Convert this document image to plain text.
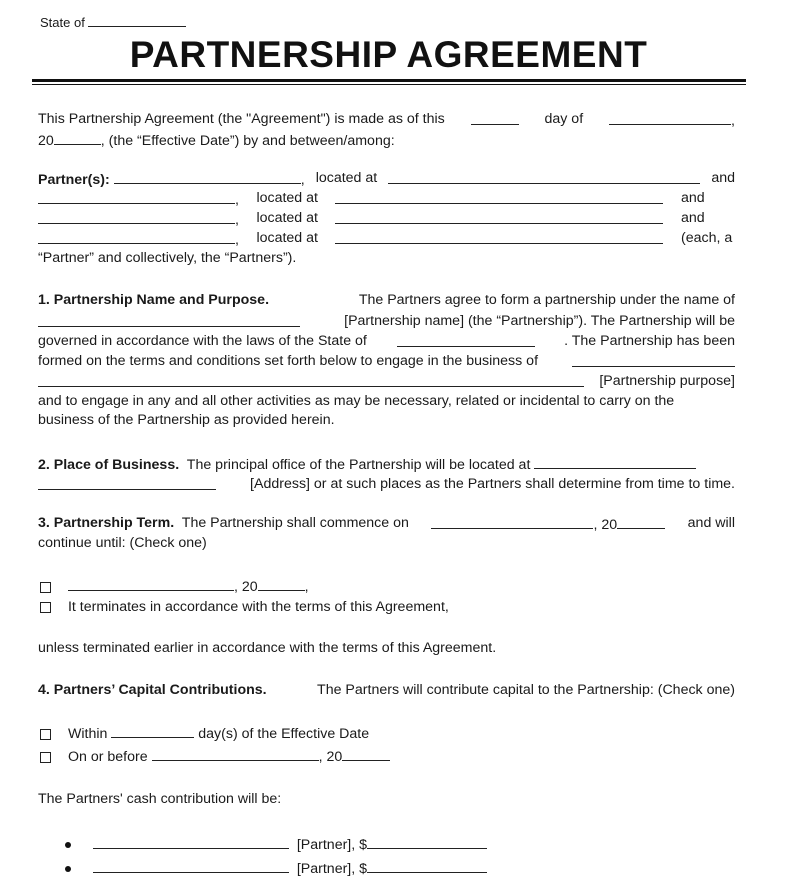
State of
PARTNERSHIP AGREEMENT
This Partnership Agreement (the "Agreement") is made as of this	day of	,
20	, (the “Effective Date”) by and between/among:
Partner(s):	, located at	and
, located at	and
, located at	and
, located at	(each, a
“Partner” and collectively, the “Partners”).
1. Partnership Name and Purpose.	The Partners agree to form a partnership under the name of
[Partnership name] (the “Partnership”). The Partnership will be
governed in accordance with the laws of the State of	. The Partnership has been
formed on the terms and conditions set forth below to engage in the business of
[Partnership purpose]
and to engage in any and all other activities as may be necessary, related or incidental to carry on the
business of the Partnership as provided herein.
2. Place of Business. The principal office of the Partnership will be located at
[Address] or at such places as the Partners shall determine from time to time.
3. Partnership Term. The Partnership shall commence on	, 20	and will
continue until: (Check one)
, 20	,
It terminates in accordance with the terms of this Agreement,
unless terminated earlier in accordance with the terms of this Agreement.
4. Partners’ Capital Contributions.	The Partners will contribute capital to the Partnership: (Check one)
Within	day(s) of the Effective Date
On or before	, 20
The Partners' cash contribution will be:
[Partner], $
[Partner], $
